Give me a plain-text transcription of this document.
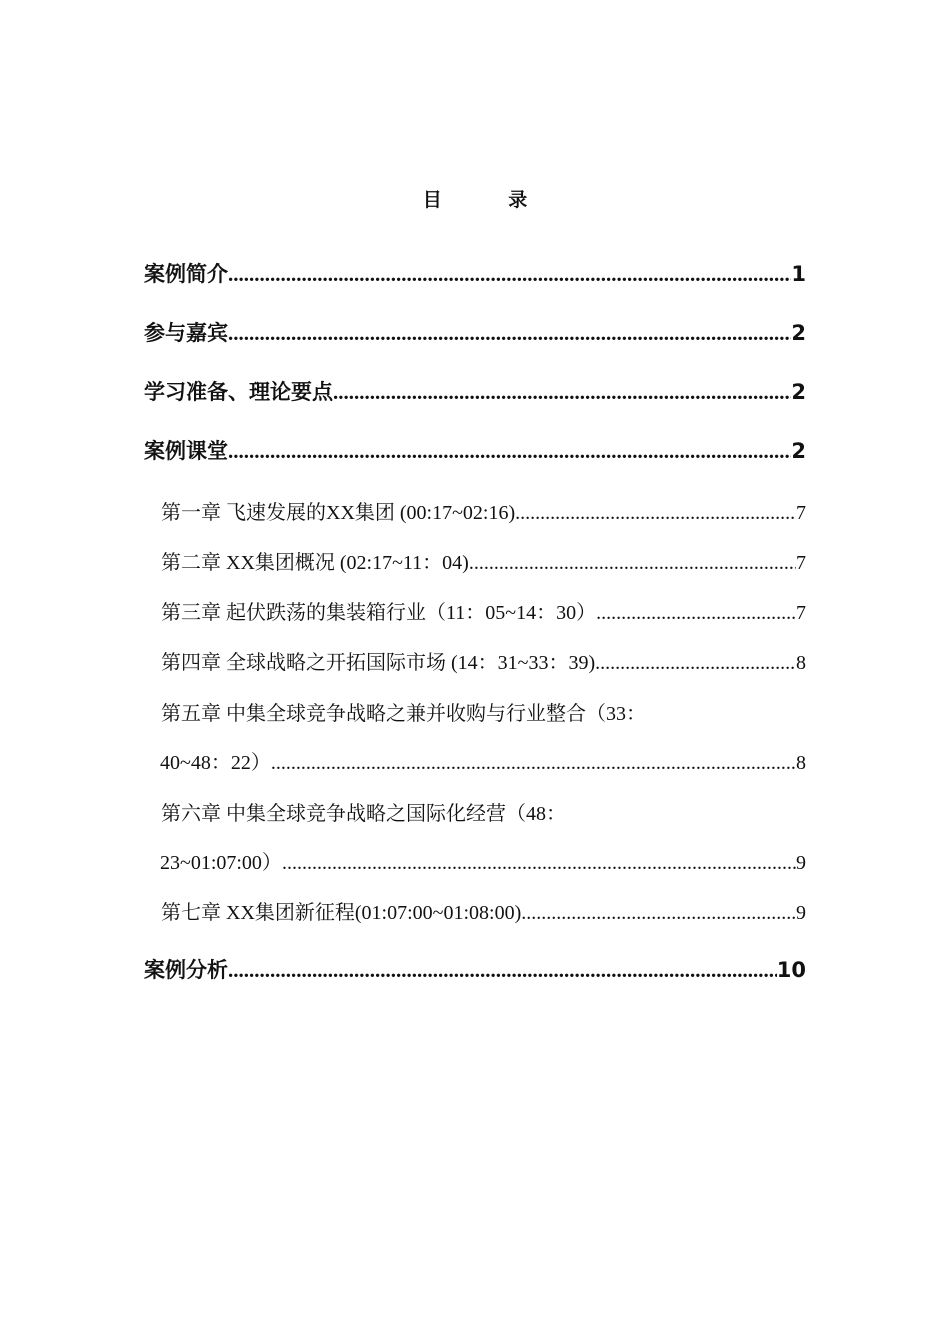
目 录
案例简介 .....	1
参与嘉宾 .....	2
学习准备、理论要点 .....	2
案例课堂 .....	2
第一章 飞速发展的XX集团 (00:17~02:16) .....	7
第二章 XX集团概况 (02:17~11：04) .....	7
第三章 起伏跌荡的集装箱行业（11：05~14：30） .....	7
第四章 全球战略之开拓国际市场 (14：31~33：39) .....	8
第五章 中集全球竞争战略之兼并收购与行业整合（33：
40~48：22） .....	8
第六章 中集全球竞争战略之国际化经营（48：
23~01:07:00） .....	9
第七章 XX集团新征程(01:07:00~01:08:00) .....	9
案例分析 .....	10
